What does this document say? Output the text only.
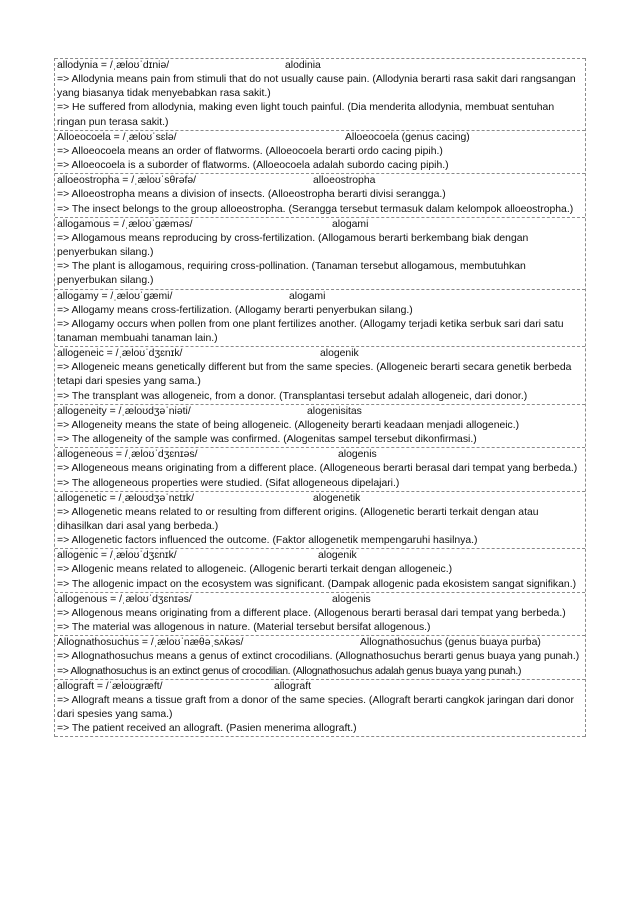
allodynia = /ˌæloʊˈdɪniə/	alodinia
=> Allodynia means pain from stimuli that do not usually cause pain. (Allodynia berarti rasa sakit dari rangsangan yang biasanya tidak menyebabkan rasa sakit.)
=> He suffered from allodynia, making even light touch painful. (Dia menderita allodynia, membuat sentuhan ringan pun terasa sakit.)
Alloeocoela = /ˌæloʊˈsɛlə/	Alloeocoela (genus cacing)
=> Alloeocoela means an order of flatworms. (Alloeocoela berarti ordo cacing pipih.)
=> Alloeocoela is a suborder of flatworms. (Alloeocoela adalah subordo cacing pipih.)
alloeostropha = /ˌæloʊˈsθrəfə/	alloeostropha
=> Alloeostropha means a division of insects. (Alloeostropha berarti divisi serangga.)
=> The insect belongs to the group alloeostropha. (Serangga tersebut termasuk dalam kelompok alloeostropha.)
allogamous = /ˌæloʊˈɡæməs/	alogami
=> Allogamous means reproducing by cross-fertilization. (Allogamous berarti berkembang biak dengan penyerbukan silang.)
=> The plant is allogamous, requiring cross-pollination. (Tanaman tersebut allogamous, membutuhkan penyerbukan silang.)
allogamy = /ˌæloʊˈɡæmi/	alogami
=> Allogamy means cross-fertilization. (Allogamy berarti penyerbukan silang.)
=> Allogamy occurs when pollen from one plant fertilizes another. (Allogamy terjadi ketika serbuk sari dari satu tanaman membuahi tanaman lain.)
allogeneic = /ˌæloʊˈdʒɛnɪk/	alogenik
=> Allogeneic means genetically different but from the same species. (Allogeneic berarti secara genetik berbeda tetapi dari spesies yang sama.)
=> The transplant was allogeneic, from a donor. (Transplantasi tersebut adalah allogeneic, dari donor.)
allogeneity = /ˌæloʊdʒəˈniəti/	alogenisitas
=> Allogeneity means the state of being allogeneic. (Allogeneity berarti keadaan menjadi allogeneic.)
=> The allogeneity of the sample was confirmed. (Alogenitas sampel tersebut dikonfirmasi.)
allogeneous = /ˌæloʊˈdʒɛnɪəs/	alogenis
=> Allogeneous means originating from a different place. (Allogeneous berarti berasal dari tempat yang berbeda.)
=> The allogeneous properties were studied. (Sifat allogeneous dipelajari.)
allogenetic = /ˌæloʊdʒəˈnɛtɪk/	alogenetik
=> Allogenetic means related to or resulting from different origins. (Allogenetic berarti terkait dengan atau dihasilkan dari asal yang berbeda.)
=> Allogenetic factors influenced the outcome. (Faktor allogenetik mempengaruhi hasilnya.)
allogenic = /ˌæloʊˈdʒɛnɪk/	alogenik
=> Allogenic means related to allogeneic. (Allogenic berarti terkait dengan allogeneic.)
=> The allogenic impact on the ecosystem was significant. (Dampak allogenic pada ekosistem sangat signifikan.)
allogenous = /ˌæloʊˈdʒɛnɪəs/	alogenis
=> Allogenous means originating from a different place. (Allogenous berarti berasal dari tempat yang berbeda.)
=> The material was allogenous in nature. (Material tersebut bersifat allogenous.)
Allognathosuchus = /ˌæloʊˈnæθəˌsʌkəs/	Allognathosuchus (genus buaya purba)
=> Allognathosuchus means a genus of extinct crocodilians. (Allognathosuchus berarti genus buaya yang punah.)
=> Allognathosuchus is an extinct genus of crocodilian. (Allognathosuchus adalah genus buaya yang punah.)
allograft = /ˈæloʊɡræft/	allograft
=> Allograft means a tissue graft from a donor of the same species. (Allograft berarti cangkok jaringan dari donor dari spesies yang sama.)
=> The patient received an allograft. (Pasien menerima allograft.)
